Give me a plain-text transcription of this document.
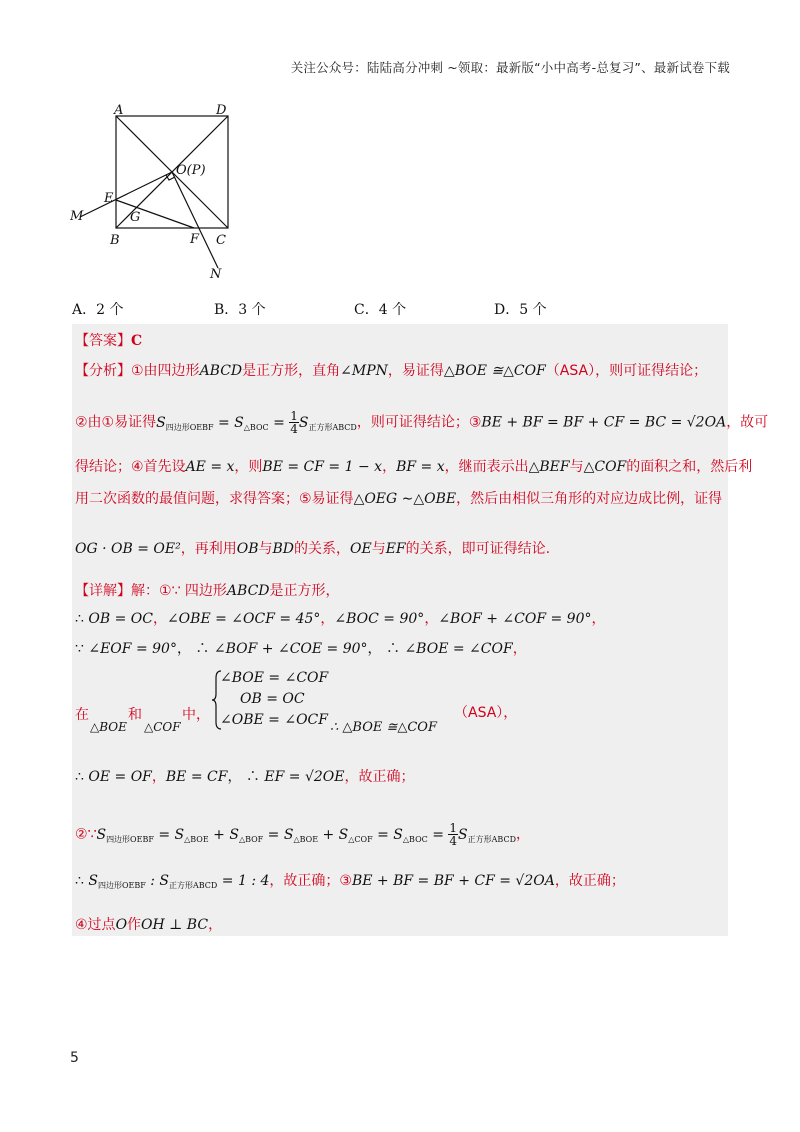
关注公众号：陆陆高分冲刺 ~领取：最新版“小中高考-总复习”、最新试卷下载
A	D
O(P)
E
M	G
B	F C
N
A．2 个	B．3 个	C．4 个	D．5 个
【答案】C
【分析】①由四边形ABCD是正方形，直角∠MPN，易证得△BOE ≅△COF（ASA），则可证得结论；
②由①易证得$S_{四边形OEBF} = S_{\triangle BOC} = \frac{1}{4} S_{正方形ABCD}$，则可证得结论；③BE + BF = BF + CF = BC = √2OA，故可
得结论；④首先设AE = x，则BE = CF = 1 − x，BF = x，继而表示出△BEF与△COF的面积之和，然后利
用二次函数的最值问题，求得答案；⑤易证得△OEG ∼△OBE，然后由相似三角形的对应边成比例，证得
OG · OB = OE²，再利用OB与BD的关系，OE与EF的关系，即可证得结论.
【详解】解：①∵ 四边形ABCD是正方形，
∴ OB = OC，∠OBE = ∠OCF = 45°，∠BOC = 90°，∠BOF + ∠COF = 90°，
∵ ∠EOF = 90°， ∴ ∠BOF + ∠COE = 90°， ∴ ∠BOE = ∠COF，
在	和	中，
△BOE △COF
∠BOE = ∠COF
OB = OC
∠OBE = ∠OCF ∴ △BOE ≅△COF
（ASA），
∴ OE = OF，BE = CF， ∴ EF = √2OE，故正确；
$②\because S_{四边形OEBF} = S_{\triangle BOE} + S_{\triangle BOF} = S_{\triangle BOE} + S_{\triangle COF} = S_{\triangle BOC} = \frac{1}{4} S_{正方形ABCD}$，
∴ $S_{四边形OEBF}$ : $S_{正方形ABCD} = 1$ : 4，故正确；③BE + BF = BF + CF = √2OA，故正确；
④过点O作OH ⊥ BC，
5
